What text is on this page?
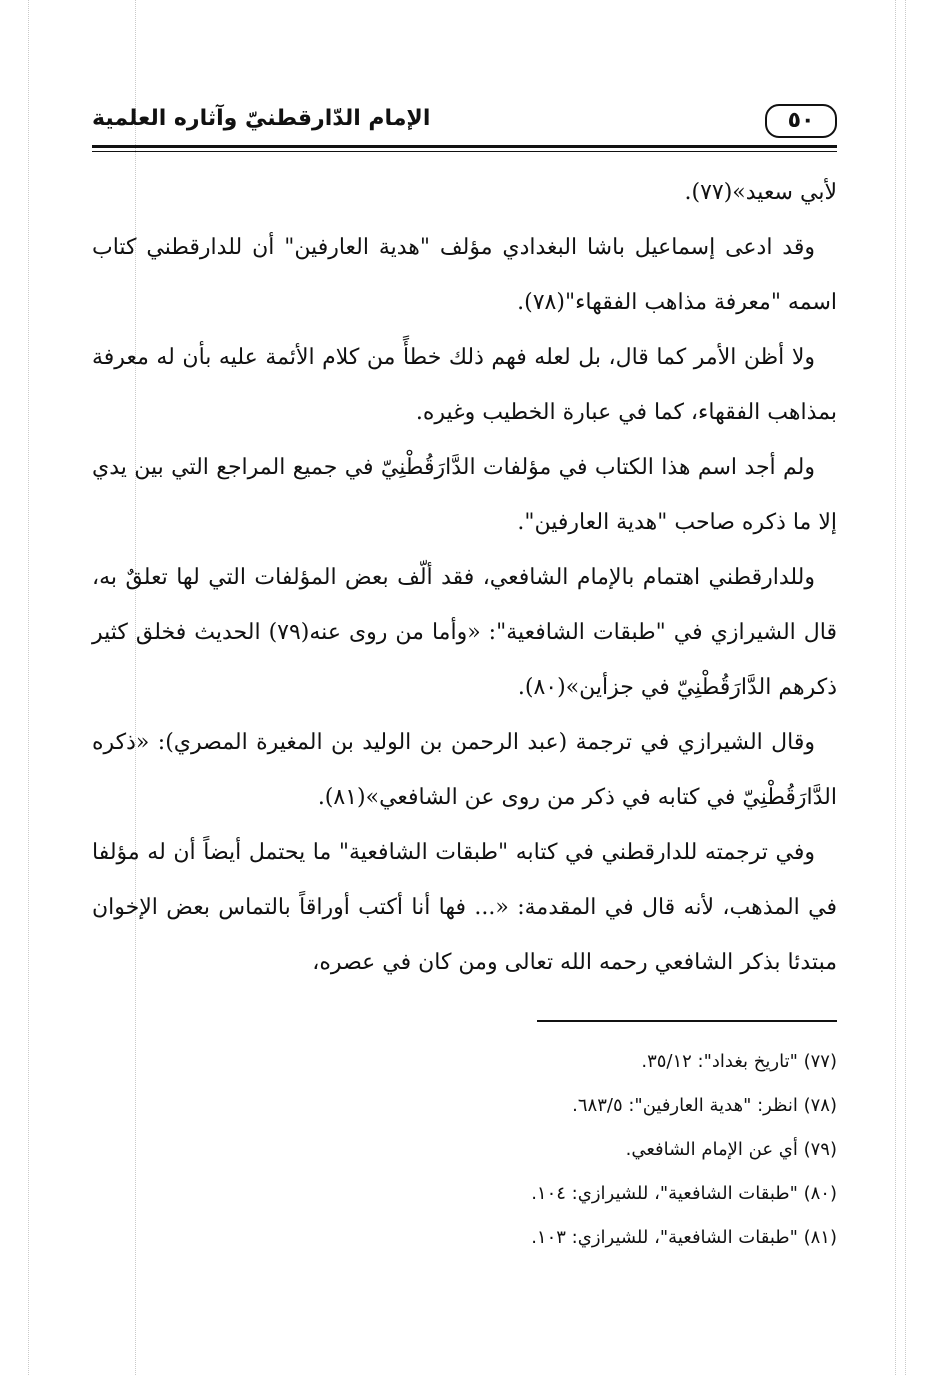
٥٠
الإمام الدّارقطنيّ وآثاره العلمية

لأبي سعيد»(٧٧).

وقد ادعى إسماعيل باشا البغدادي مؤلف "هدية العارفين" أن للدارقطني كتاب اسمه "معرفة مذاهب الفقهاء"(٧٨).

ولا أظن الأمر كما قال، بل لعله فهم ذلك خطأً من كلام الأئمة عليه بأن له معرفة بمذاهب الفقهاء، كما في عبارة الخطيب وغيره.

ولم أجد اسم هذا الكتاب في مؤلفات الدَّارَقُطْنِيّ في جميع المراجع التي بين يدي إلا ما ذكره صاحب "هدية العارفين".

وللدارقطني اهتمام بالإمام الشافعي، فقد ألّف بعض المؤلفات التي لها تعلقٌ به، قال الشيرازي في "طبقات الشافعية": «وأما من روى عنه(٧٩) الحديث فخلق كثير ذكرهم الدَّارَقُطْنِيّ في جزأين»(٨٠).

وقال الشيرازي في ترجمة (عبد الرحمن بن الوليد بن المغيرة المصري): «ذكره الدَّارَقُطْنِيّ في كتابه في ذكر من روى عن الشافعي»(٨١).

وفي ترجمته للدارقطني في كتابه "طبقات الشافعية" ما يحتمل أيضاً أن له مؤلفا في المذهب، لأنه قال في المقدمة: «... فها أنا أكتب أوراقاً بالتماس بعض الإخوان مبتدئا بذكر الشافعي رحمه الله تعالى ومن كان في عصره،

(٧٧) "تاريخ بغداد": ٣٥/١٢.
(٧٨) انظر: "هدية العارفين": ٦٨٣/٥.
(٧٩) أي عن الإمام الشافعي.
(٨٠) "طبقات الشافعية"، للشيرازي: ١٠٤.
(٨١) "طبقات الشافعية"، للشيرازي: ١٠٣.
